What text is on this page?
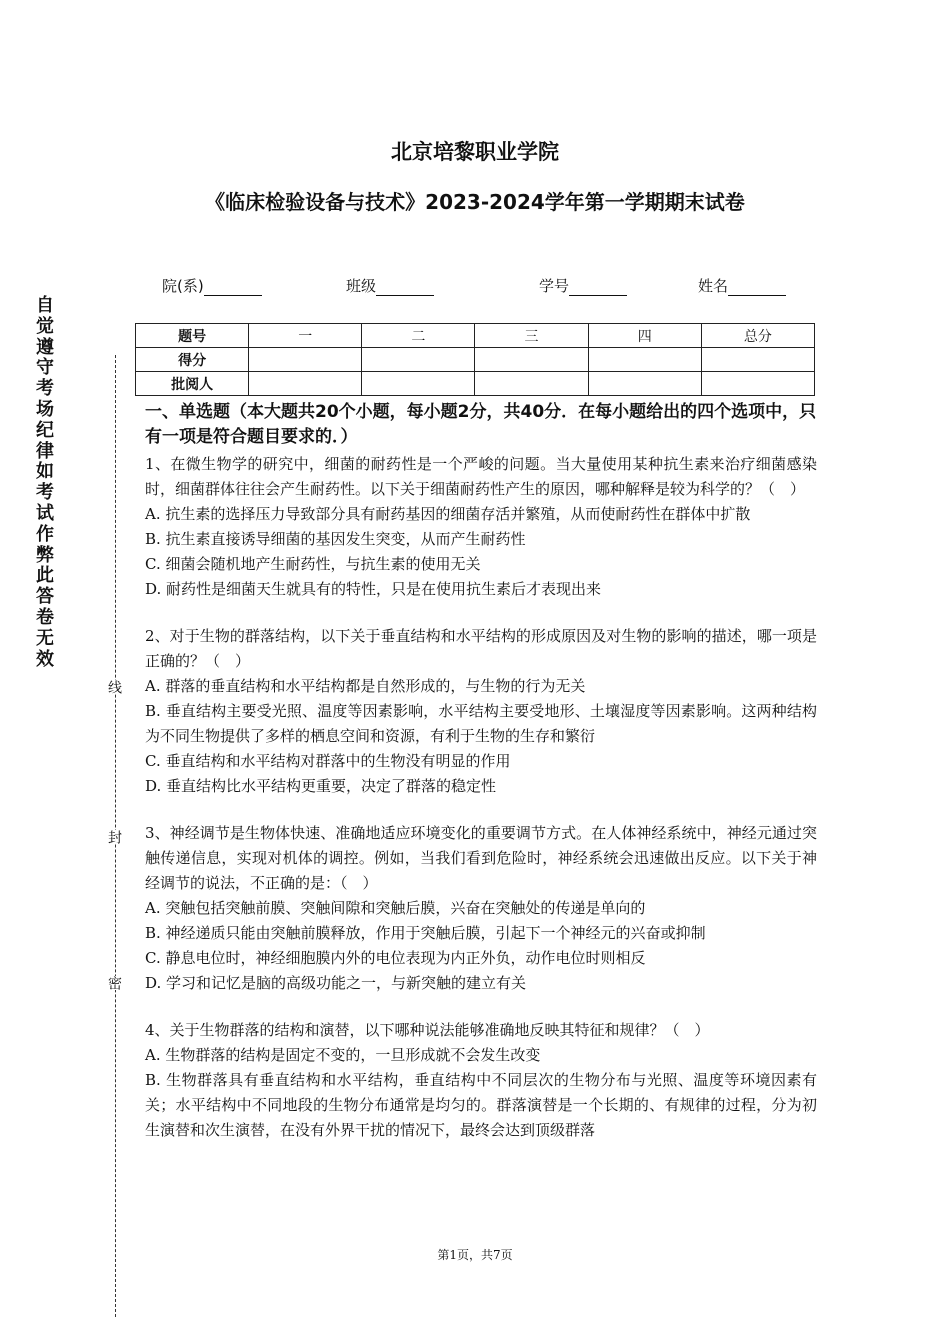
北京培黎职业学院
《临床检验设备与技术》2023-2024学年第一学期期末试卷
院(系)	班级	学号	姓名
自
觉
遵
守
考
场
纪
律
如
考
试
作
弊
此
答
卷
无
效
线
封
密
题号	一	二	三	四	总分
得分					
批阅人					
一、单选题（本大题共20个小题，每小题2分，共40分．在每小题给出的四个选项中，只有一项是符合题目要求的．）

1、在微生物学的研究中，细菌的耐药性是一个严峻的问题。当大量使用某种抗生素来治疗细菌感染时，细菌群体往往会产生耐药性。以下关于细菌耐药性产生的原因，哪种解释是较为科学的？（　）

A. 抗生素的选择压力导致部分具有耐药基因的细菌存活并繁殖，从而使耐药性在群体中扩散

B. 抗生素直接诱导细菌的基因发生突变，从而产生耐药性

C. 细菌会随机地产生耐药性，与抗生素的使用无关

D. 耐药性是细菌天生就具有的特性，只是在使用抗生素后才表现出来

2、对于生物的群落结构，以下关于垂直结构和水平结构的形成原因及对生物的影响的描述，哪一项是正确的？（　）

A. 群落的垂直结构和水平结构都是自然形成的，与生物的行为无关

B. 垂直结构主要受光照、温度等因素影响，水平结构主要受地形、土壤湿度等因素影响。这两种结构为不同生物提供了多样的栖息空间和资源，有利于生物的生存和繁衍

C. 垂直结构和水平结构对群落中的生物没有明显的作用

D. 垂直结构比水平结构更重要，决定了群落的稳定性

3、神经调节是生物体快速、准确地适应环境变化的重要调节方式。在人体神经系统中，神经元通过突触传递信息，实现对机体的调控。例如，当我们看到危险时，神经系统会迅速做出反应。以下关于神经调节的说法，不正确的是：（　）

A. 突触包括突触前膜、突触间隙和突触后膜，兴奋在突触处的传递是单向的

B. 神经递质只能由突触前膜释放，作用于突触后膜，引起下一个神经元的兴奋或抑制

C. 静息电位时，神经细胞膜内外的电位表现为内正外负，动作电位时则相反

D. 学习和记忆是脑的高级功能之一，与新突触的建立有关

4、关于生物群落的结构和演替，以下哪种说法能够准确地反映其特征和规律？（　）

A. 生物群落的结构是固定不变的，一旦形成就不会发生改变

B. 生物群落具有垂直结构和水平结构，垂直结构中不同层次的生物分布与光照、温度等环境因素有关；水平结构中不同地段的生物分布通常是均匀的。群落演替是一个长期的、有规律的过程，分为初生演替和次生演替，在没有外界干扰的情况下，最终会达到顶级群落

第1页，共7页
